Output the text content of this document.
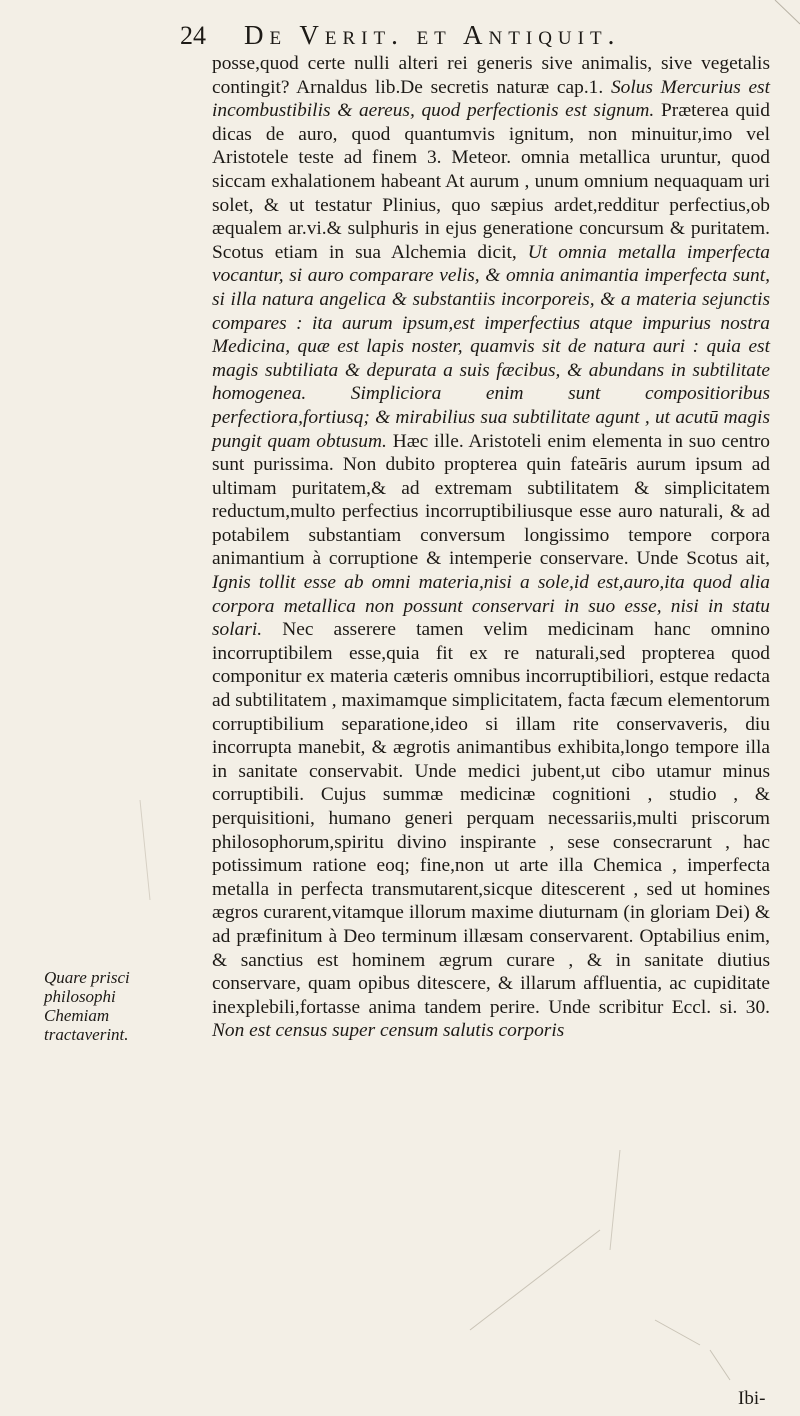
24	De Verit. et Antiquit.
posse,quod certe nulli alteri rei generis sive animalis, sive vegetalis contingit? Arnaldus lib.De secretis naturæ cap.1. Solus Mercurius est incombustibilis & aereus, quod perfectionis est signum. Præterea quid dicas de auro, quod quantumvis ignitum, non minuitur,imo vel Aristotele teste ad finem 3. Meteor. omnia metallica uruntur, quod siccam exhalationem habeant At aurum , unum omnium nequaquam uri solet, & ut testatur Plinius, quo sæpius ardet,redditur perfectius,ob æqualem ar.vi.& sulphuris in ejus generatione concursum & puritatem. Scotus etiam in sua Alchemia dicit, Ut omnia metalla imperfecta vocantur, si auro comparare velis, & omnia animantia imperfecta sunt, si illa natura angelica & substantiis incorporeis, & a materia sejunctis compares : ita aurum ipsum,est imperfectius atque impurius nostra Medicina, quæ est lapis noster, quamvis sit de natura auri : quia est magis subtiliata & depurata a suis fæcibus, & abundans in subtilitate homogenea. Simpliciora enim sunt compositioribus perfectiora,fortiusq; & mirabilius sua subtilitate agunt , ut acutū magis pungit quam obtusum. Hæc ille. Aristoteli enim elementa in suo centro sunt purissima. Non dubito propterea quin fateāris aurum ipsum ad ultimam puritatem,& ad extremam subtilitatem & simplicitatem reductum,multo perfectius incorruptibiliusque esse auro naturali, & ad potabilem substantiam conversum longissimo tempore corpora animantium à corruptione & intemperie conservare. Unde Scotus ait, Ignis tollit esse ab omni materia,nisi a sole,id est,auro,ita quod alia corpora metallica non possunt conservari in suo esse, nisi in statu solari. Nec asserere tamen velim medicinam hanc omnino incorruptibilem esse,quia fit ex re naturali,sed propterea quod componitur ex materia cæteris omnibus incorruptibiliori, estque redacta ad subtilitatem , maximamque simplicitatem, facta fæcum elementorum corruptibilium separatione,ideo si illam rite conservaveris, diu incorrupta manebit, & ægrotis animantibus exhibita,longo tempore illa in sanitate conservabit. Unde medici jubent,ut cibo utamur minus corruptibili. Cujus summæ medicinæ cognitioni , studio , & perquisitioni, humano generi perquam necessariis,multi priscorum philosophorum,spiritu divino inspirante , sese consecrarunt , hac potissimum ratione eoq; fine,non ut arte illa Chemica , imperfecta metalla in perfecta transmutarent,sicque ditescerent , sed ut homines ægros curarent,vitamque illorum maxime diuturnam (in gloriam Dei) & ad præfinitum à Deo terminum illæsam conservarent. Optabilius enim, & sanctius est hominem ægrum curare , & in sanitate diutius conservare, quam opibus ditescere, & illarum affluentia, ac cupiditate inexplebili,fortasse anima tandem perire. Unde scribitur Eccl. si. 30. Non est census super censum salutis corporis
Quare prisci philosophi Chemiam tractaverint.
Ibi-
